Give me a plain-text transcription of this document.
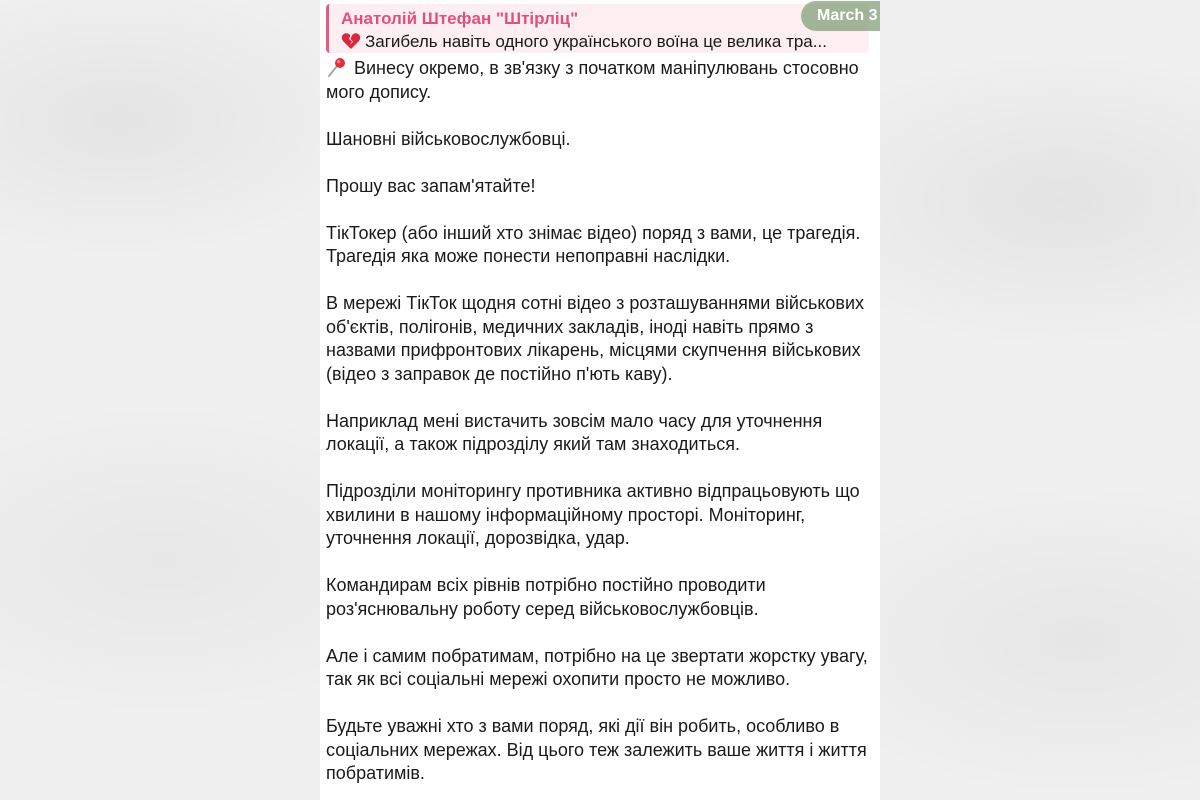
Анатолій Штефан "Штірліц"
Загибель навіть одного українського воїна це велика тра...
March 3

Винесу окремо, в зв'язку з початком маніпулювань стосовно мого допису.

Шановні військовослужбовці.

Прошу вас запам'ятайте!

ТікТокер (або інший хто знімає відео) поряд з вами, це трагедія. Трагедія яка може понести непоправні наслідки.

В мережі ТікТок щодня сотні відео з розташуваннями військових об'єктів, полігонів, медичних закладів, іноді навіть прямо з назвами прифронтових лікарень, місцями скупчення військових (відео з заправок де постійно п'ють каву).

Наприклад мені вистачить зовсім мало часу для уточнення локації, а також підрозділу який там знаходиться.

Підрозділи моніторингу противника активно відпрацьовують що хвилини в нашому інформаційному просторі. Моніторинг, уточнення локації, дорозвідка, удар.

Командирам всіх рівнів потрібно постійно проводити роз'яснювальну роботу серед військовослужбовців.

Але і самим побратимам, потрібно на це звертати жорстку увагу, так як всі соціальні мережі охопити просто не можливо.

Будьте уважні хто з вами поряд, які дії він робить, особливо в соціальних мережах. Від цього теж залежить ваше життя і життя побратимів.
